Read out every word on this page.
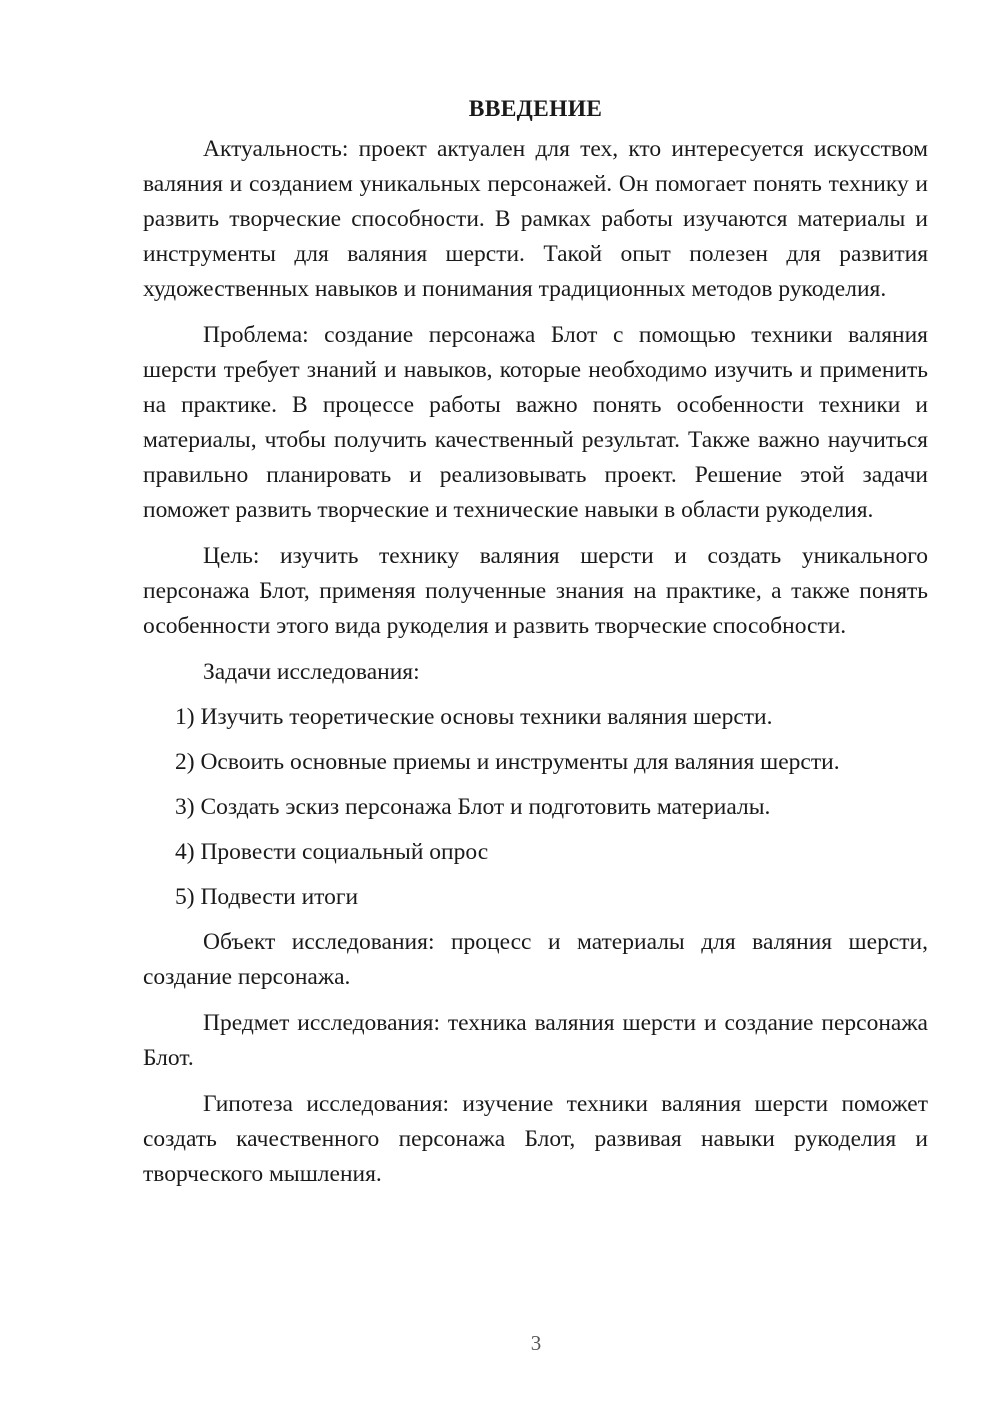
ВВЕДЕНИЕ

Актуальность: проект актуален для тех, кто интересуется искусством валяния и созданием уникальных персонажей. Он помогает понять технику и развить творческие способности. В рамках работы изучаются материалы и инструменты для валяния шерсти. Такой опыт полезен для развития художественных навыков и понимания традиционных методов рукоделия.

Проблема: создание персонажа Блот с помощью техники валяния шерсти требует знаний и навыков, которые необходимо изучить и применить на практике. В процессе работы важно понять особенности техники и материалы, чтобы получить качественный результат. Также важно научиться правильно планировать и реализовывать проект. Решение этой задачи поможет развить творческие и технические навыки в области рукоделия.

Цель: изучить технику валяния шерсти и создать уникального персонажа Блот, применяя полученные знания на практике, а также понять особенности этого вида рукоделия и развить творческие способности.

Задачи исследования:
1) Изучить теоретические основы техники валяния шерсти.
2) Освоить основные приемы и инструменты для валяния шерсти.
3) Создать эскиз персонажа Блот и подготовить материалы.
4) Провести социальный опрос
5) Подвести итоги

Объект исследования: процесс и материалы для валяния шерсти, создание персонажа.

Предмет исследования: техника валяния шерсти и создание персонажа Блот.

Гипотеза исследования: изучение техники валяния шерсти поможет создать качественного персонажа Блот, развивая навыки рукоделия и творческого мышления.

3
